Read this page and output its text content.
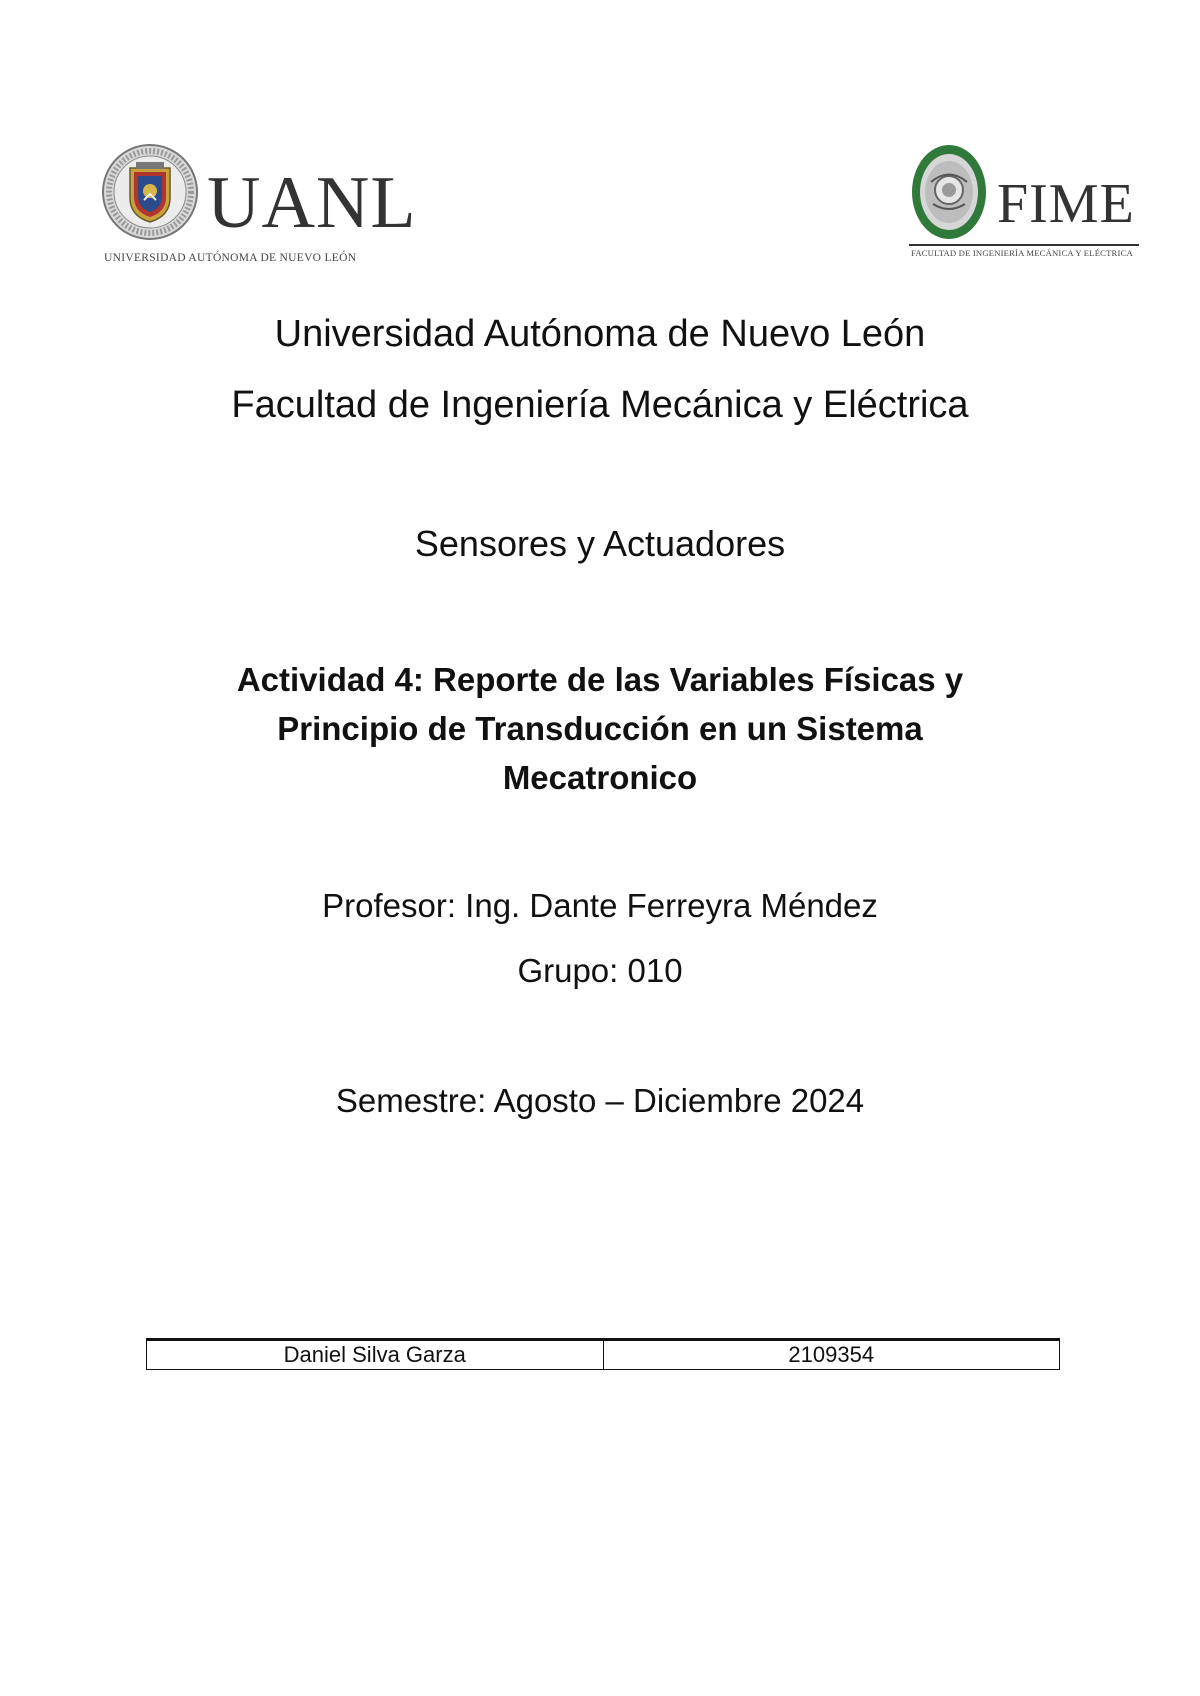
UANL
UNIVERSIDAD AUTÓNOMA DE NUEVO LEÓN
FIME
FACULTAD DE INGENIERÍA MECÁNICA Y ELÉCTRICA
Universidad Autónoma de Nuevo León
Facultad de Ingeniería Mecánica y Eléctrica
Sensores y Actuadores
Actividad 4: Reporte de las Variables Físicas y
Principio de Transducción en un Sistema
Mecatronico
Profesor: Ing. Dante Ferreyra Méndez
Grupo: 010
Semestre: Agosto – Diciembre 2024
Daniel Silva Garza	2109354
